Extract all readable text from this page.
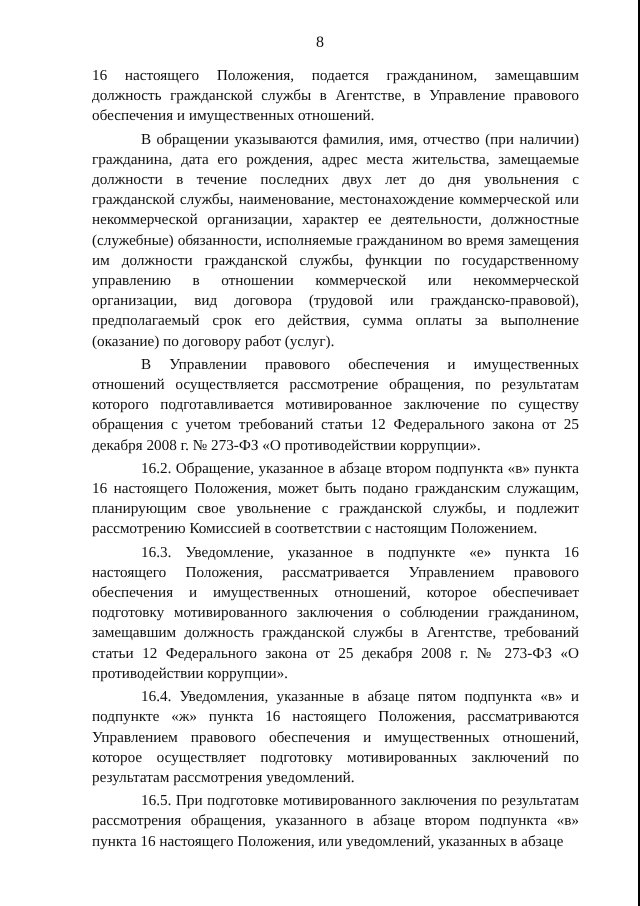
8

16 настоящего Положения, подается гражданином, замещавшим должность гражданской службы в Агентстве, в Управление правового обеспечения и имущественных отношений.

В обращении указываются фамилия, имя, отчество (при наличии) гражданина, дата его рождения, адрес места жительства, замещаемые должности в течение последних двух лет до дня увольнения с гражданской службы, наименование, местонахождение коммерческой или некоммерческой организации, характер ее деятельности, должностные (служебные) обязанности, исполняемые гражданином во время замещения им должности гражданской службы, функции по государственному управлению в отношении коммерческой или некоммерческой организации, вид договора (трудовой или гражданско-правовой), предполагаемый срок его действия, сумма оплаты за выполнение (оказание) по договору работ (услуг).

В Управлении правового обеспечения и имущественных отношений осуществляется рассмотрение обращения, по результатам которого подготавливается мотивированное заключение по существу обращения с учетом требований статьи 12 Федерального закона от 25 декабря 2008 г. № 273-ФЗ «О противодействии коррупции».

16.2. Обращение, указанное в абзаце втором подпункта «в» пункта 16 настоящего Положения, может быть подано гражданским служащим, планирующим свое увольнение с гражданской службы, и подлежит рассмотрению Комиссией в соответствии с настоящим Положением.

16.3. Уведомление, указанное в подпункте «е» пункта 16 настоящего Положения, рассматривается Управлением правового обеспечения и имущественных отношений, которое обеспечивает подготовку мотивированного заключения о соблюдении гражданином, замещавшим должность гражданской службы в Агентстве, требований статьи 12 Федерального закона от 25 декабря 2008 г. № 273-ФЗ «О противодействии коррупции».

16.4. Уведомления, указанные в абзаце пятом подпункта «в» и подпункте «ж» пункта 16 настоящего Положения, рассматриваются Управлением правового обеспечения и имущественных отношений, которое осуществляет подготовку мотивированных заключений по результатам рассмотрения уведомлений.

16.5. При подготовке мотивированного заключения по результатам рассмотрения обращения, указанного в абзаце втором подпункта «в» пункта 16 настоящего Положения, или уведомлений, указанных в абзаце
